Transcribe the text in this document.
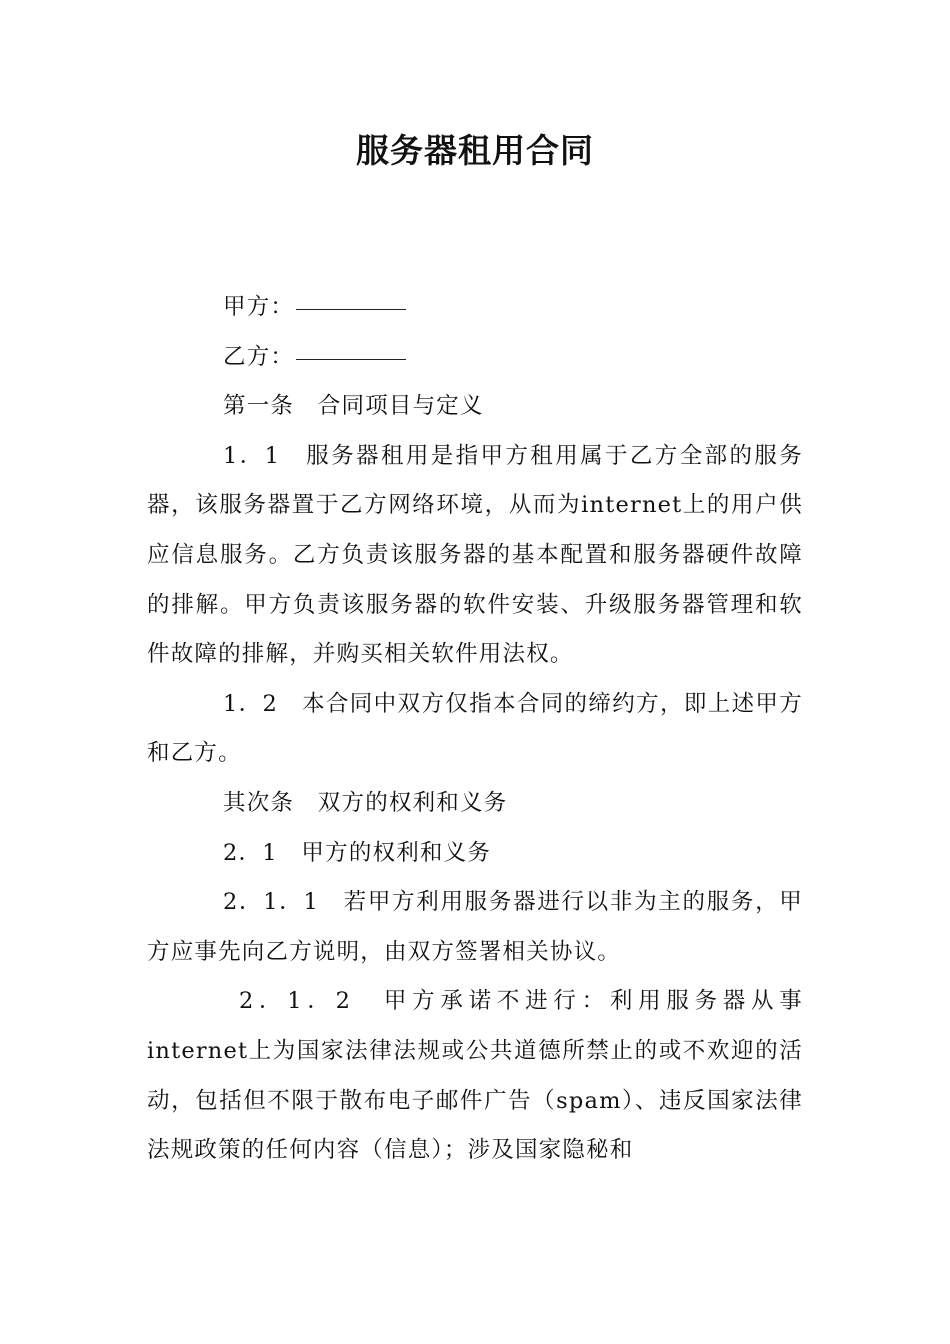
服务器租用合同

甲方：

乙方：

第一条　合同项目与定义

1．1　服务器租用是指甲方租用属于乙方全部的服务器，该服务器置于乙方网络环境，从而为internet上的用户供应信息服务。乙方负责该服务器的基本配置和服务器硬件故障的排解。甲方负责该服务器的软件安装、升级服务器管理和软件故障的排解，并购买相关软件用法权。

1．2　本合同中双方仅指本合同的缔约方，即上述甲方和乙方。

其次条　双方的权利和义务

2．1　甲方的权利和义务

2．1．1　若甲方利用服务器进行以非为主的服务，甲方应事先向乙方说明，由双方签署相关协议。

2．1．2　甲方承诺不进行：利用服务器从事internet上为国家法律法规或公共道德所禁止的或不欢迎的活动，包括但不限于散布电子邮件广告（spam）、违反国家法律法规政策的任何内容（信息）；涉及国家隐秘和
